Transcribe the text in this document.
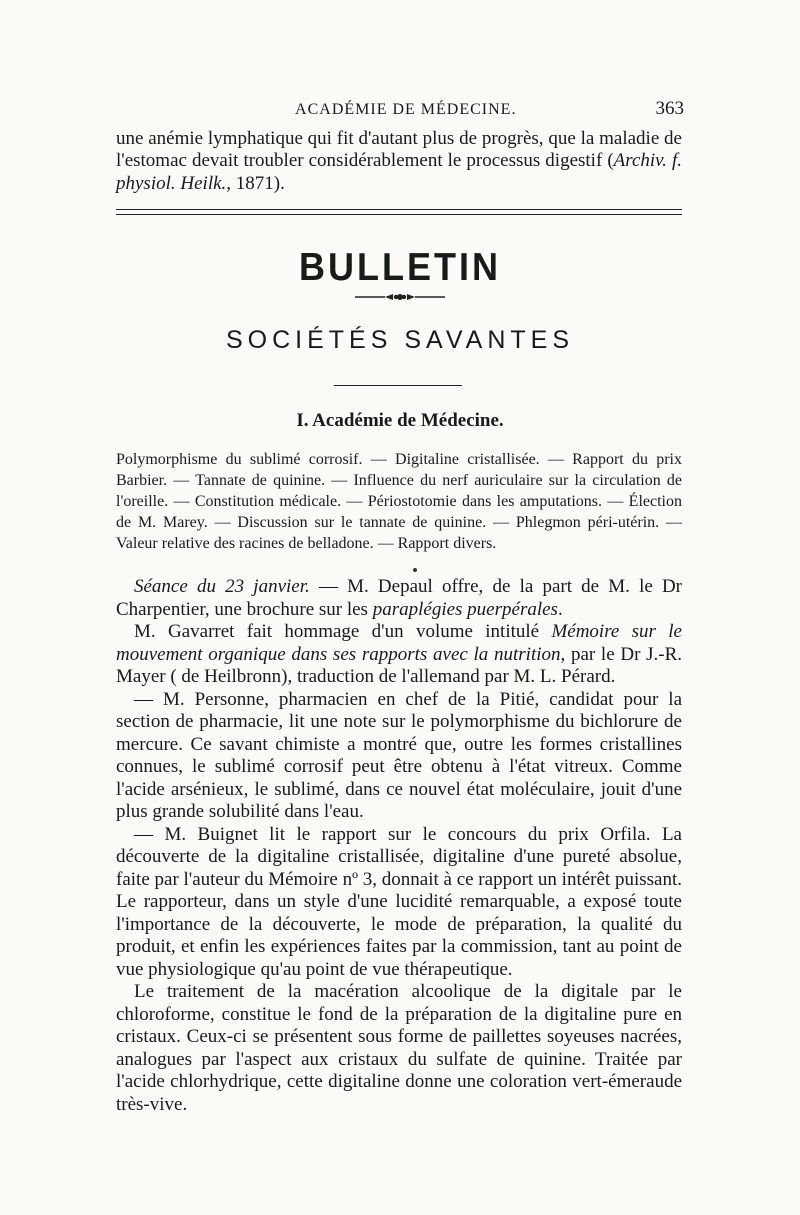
ACADÉMIE DE MÉDECINE.	363

une anémie lymphatique qui fit d'autant plus de progrès, que la maladie de l'estomac devait troubler considérablement le processus digestif (Archiv. f. physiol. Heilk., 1871).

BULLETIN
SOCIÉTÉS SAVANTES
I. Académie de Médecine.

Polymorphisme du sublimé corrosif. — Digitaline cristallisée. — Rapport du prix Barbier. — Tannate de quinine. — Influence du nerf auriculaire sur la circulation de l'oreille. — Constitution médicale. — Périostotomie dans les amputations. — Élection de M. Marey. — Discussion sur le tannate de quinine. — Phlegmon péri-utérin. — Valeur relative des racines de belladone. — Rapport divers.

Séance du 23 janvier. — M. Depaul offre, de la part de M. le Dr Charpentier, une brochure sur les paraplégies puerpérales.

M. Gavarret fait hommage d'un volume intitulé Mémoire sur le mouvement organique dans ses rapports avec la nutrition, par le Dr J.-R. Mayer ( de Heilbronn), traduction de l'allemand par M. L. Pérard.

— M. Personne, pharmacien en chef de la Pitié, candidat pour la section de pharmacie, lit une note sur le polymorphisme du bichlorure de mercure. Ce savant chimiste a montré que, outre les formes cristallines connues, le sublimé corrosif peut être obtenu à l'état vitreux. Comme l'acide arsénieux, le sublimé, dans ce nouvel état moléculaire, jouit d'une plus grande solubilité dans l'eau.

— M. Buignet lit le rapport sur le concours du prix Orfila. La découverte de la digitaline cristallisée, digitaline d'une pureté absolue, faite par l'auteur du Mémoire nº 3, donnait à ce rapport un intérêt puissant. Le rapporteur, dans un style d'une lucidité remarquable, a exposé toute l'importance de la découverte, le mode de préparation, la qualité du produit, et enfin les expériences faites par la commission, tant au point de vue physiologique qu'au point de vue thérapeutique.

Le traitement de la macération alcoolique de la digitale par le chloroforme, constitue le fond de la préparation de la digitaline pure en cristaux. Ceux-ci se présentent sous forme de paillettes soyeuses nacrées, analogues par l'aspect aux cristaux du sulfate de quinine. Traitée par l'acide chlorhydrique, cette digitaline donne une coloration vert-émeraude très-vive.
